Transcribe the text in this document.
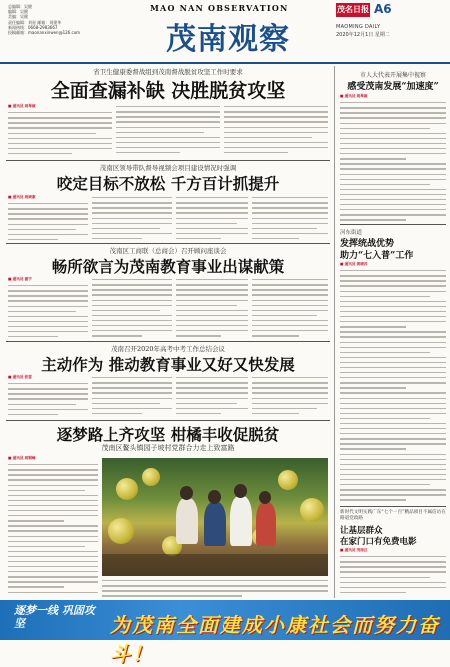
总编辑：吴健
编辑：吴健
美编：吴健
责任编辑：刘星 邮箱：刘建华
新闻热线：0668-2983667
投稿邮箱：maonanxinwen@126.com
MAO NAN OBSERVATION
茂南观察
茂名日报 A6
MAOMING DAILY
2020年12月1日 星期二
省卫生健康委督战组到茂南督战脱贫攻坚工作时要求
全面查漏补缺 决胜脱贫攻坚
■ 通讯员 周琴淑
茂南区领导带队督导视频会项目建设情况时强调
咬定目标不放松 千方百计抓提升
■ 通讯员 周晓康
茂南区工商联（总商会）召开顾问座谈会
畅所欲言为茂南教育事业出谋献策
■ 通讯员 谢宇
茂南召开2020年高考中考工作总结会议
主动作为 推动教育事业又好又快发展
■ 通讯员 张雷
逐梦路上齐攻坚 柑橘丰收促脱贫
茂南区鳌头镇园子坡村党群合力走上致富路
■ 通讯员 周钢峰
市人大代表开展集中视察
感受茂南发展“加速度”
■ 通讯员 周琴淑
河东街道
发挥统战优势
助力“七入普”工作
■ 通讯员 黄晓苏
新时代文明实践广东“七个一百”精品项目不属信访在路道党政路
让基层群众
在家门口有免费电影
■ 通讯员 茂南区
逐梦一线 巩固攻坚	为茂南全面建成小康社会而努力奋斗！
